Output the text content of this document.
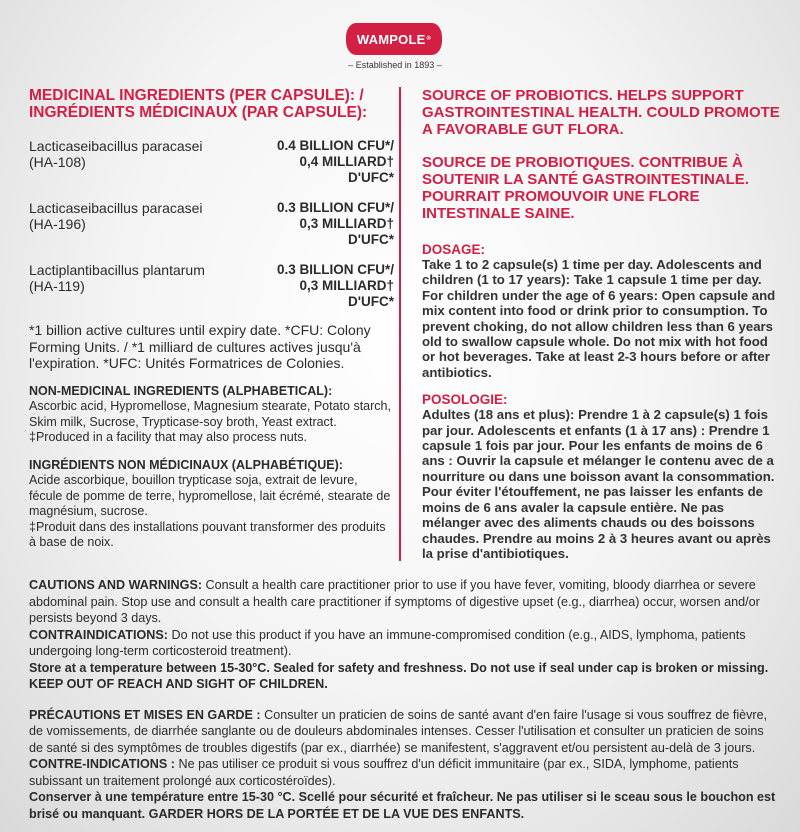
WAMPOLE ®
– Established in 1893 –
MEDICINAL INGREDIENTS (PER CAPSULE): /
INGRÉDIENTS MÉDICINAUX (PAR CAPSULE):
Lacticaseibacillus paracasei
(HA-108)
0.4 BILLION CFU*/
0,4 MILLIARD†
D'UFC*
Lacticaseibacillus paracasei
(HA-196)
0.3 BILLION CFU*/
0,3 MILLIARD†
D'UFC*
Lactiplantibacillus plantarum
(HA-119)
0.3 BILLION CFU*/
0,3 MILLIARD†
D'UFC*

*1 billion active cultures until expiry date. *CFU: Colony Forming Units. / *1 milliard de cultures actives jusqu'à l'expiration. *UFC: Unités Formatrices de Colonies.

NON-MEDICINAL INGREDIENTS (ALPHABETICAL):
Ascorbic acid, Hypromellose, Magnesium stearate, Potato starch, Skim milk, Sucrose, Trypticase-soy broth, Yeast extract.
‡Produced in a facility that may also process nuts.
INGRÉDIENTS NON MÉDICINAUX (ALPHABÉTIQUE):
Acide ascorbique, bouillon trypticase soja, extrait de levure, fécule de pomme de terre, hypromellose, lait écrémé, stearate de magnésium, sucrose.
‡Produit dans des installations pouvant transformer des produits à base de noix.
SOURCE OF PROBIOTICS. HELPS SUPPORT GASTROINTESTINAL HEALTH. COULD PROMOTE A FAVORABLE GUT FLORA.
SOURCE DE PROBIOTIQUES. CONTRIBUE À SOUTENIR LA SANTÉ GASTROINTESTINALE. POURRAIT PROMOUVOIR UNE FLORE INTESTINALE SAINE.
DOSAGE:

Take 1 to 2 capsule(s) 1 time per day. Adolescents and children (1 to 17 years): Take 1 capsule 1 time per day. For children under the age of 6 years: Open capsule and mix content into food or drink prior to consumption. To prevent choking, do not allow children less than 6 years old to swallow capsule whole. Do not mix with hot food or hot beverages. Take at least 2-3 hours before or after antibiotics.

POSOLOGIE:

Adultes (18 ans et plus): Prendre 1 à 2 capsule(s) 1 fois par jour. Adolescents et enfants (1 à 17 ans) : Prendre 1 capsule 1 fois par jour. Pour les enfants de moins de 6 ans : Ouvrir la capsule et mélanger le contenu avec de a nourriture ou dans une boisson avant la consommation. Pour éviter l'étouffement, ne pas laisser les enfants de moins de 6 ans avaler la capsule entière. Ne pas mélanger avec des aliments chauds ou des boissons chaudes. Prendre au moins 2 à 3 heures avant ou après la prise d'antibiotiques.

CAUTIONS AND WARNINGS: Consult a health care practitioner prior to use if you have fever, vomiting, bloody diarrhea or severe abdominal pain. Stop use and consult a health care practitioner if symptoms of digestive upset (e.g., diarrhea) occur, worsen and/or persists beyond 3 days.

CONTRAINDICATIONS: Do not use this product if you have an immune-compromised condition (e.g., AIDS, lymphoma, patients undergoing long-term corticosteroid treatment).

Store at a temperature between 15-30°C. Sealed for safety and freshness. Do not use if seal under cap is broken or missing. KEEP OUT OF REACH AND SIGHT OF CHILDREN.

PRÉCAUTIONS ET MISES EN GARDE : Consulter un praticien de soins de santé avant d'en faire l'usage si vous souffrez de fièvre, de vomissements, de diarrhée sanglante ou de douleurs abdominales intenses. Cesser l'utilisation et consulter un praticien de soins de santé si des symptômes de troubles digestifs (par ex., diarrhée) se manifestent, s'aggravent et/ou persistent au-delà de 3 jours.

CONTRE-INDICATIONS : Ne pas utiliser ce produit si vous souffrez d'un déficit immunitaire (par ex., SIDA, lymphome, patients subissant un traitement prolongé aux corticostéroïdes).

Conserver à une température entre 15-30 °C. Scellé pour sécurité et fraîcheur. Ne pas utiliser si le sceau sous le bouchon est brisé ou manquant. GARDER HORS DE LA PORTÉE ET DE LA VUE DES ENFANTS.
